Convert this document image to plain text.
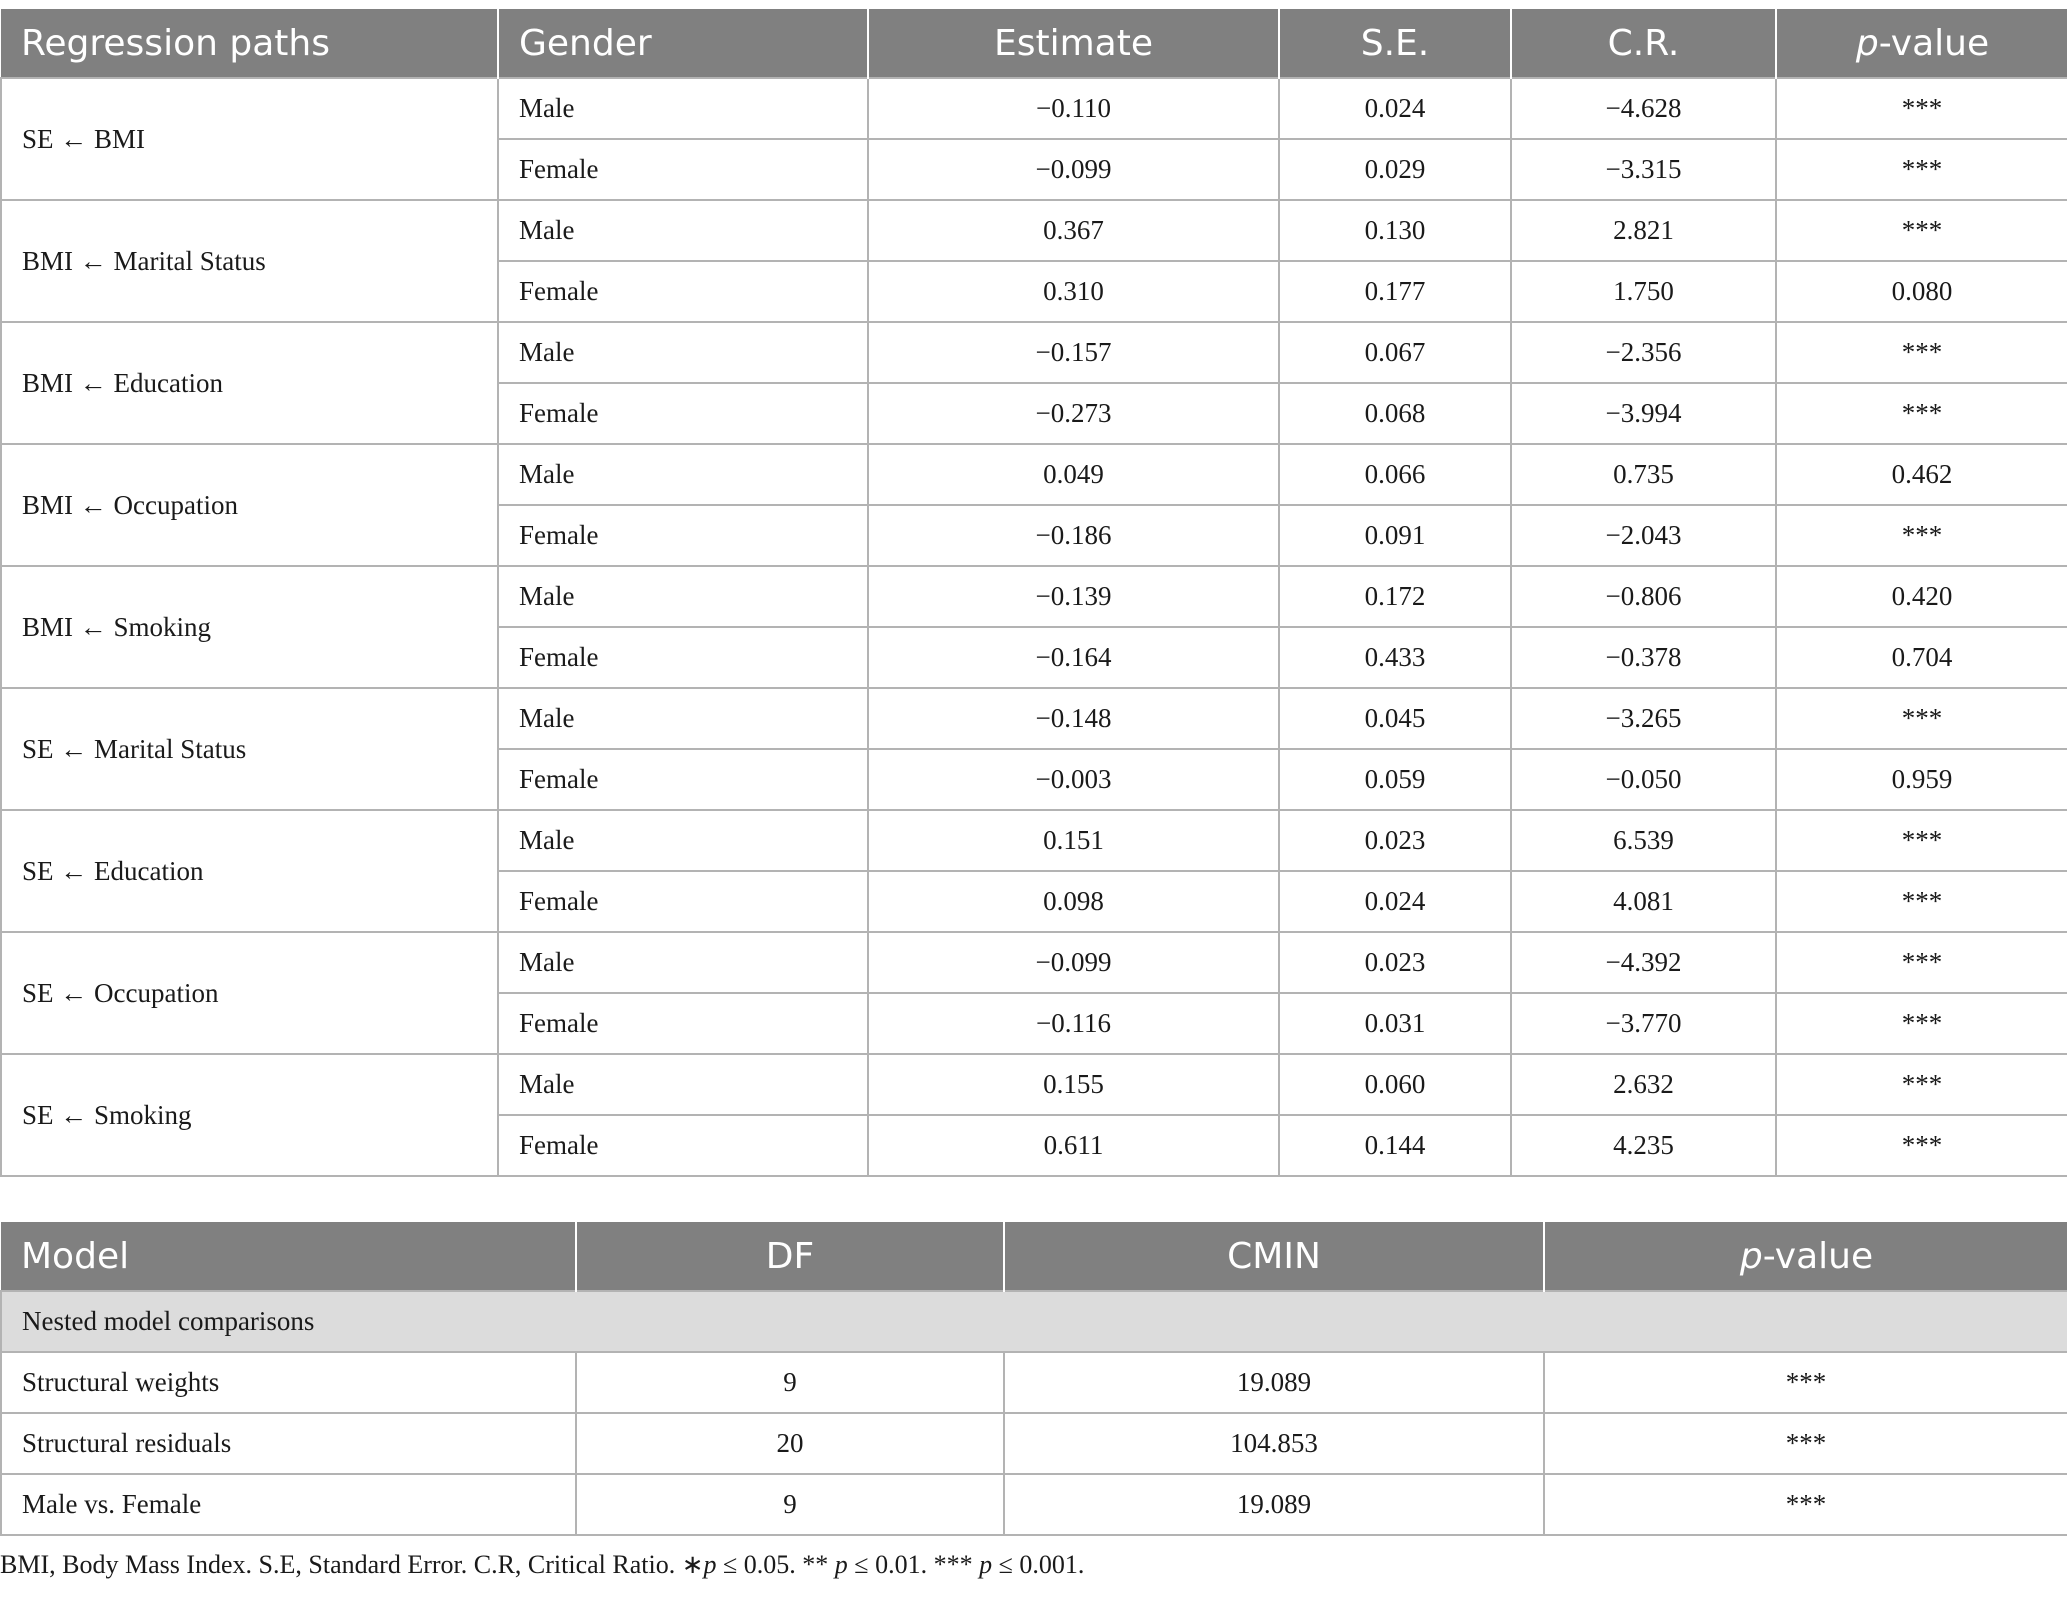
Regression paths	Gender	Estimate	S.E.	C.R.	p-value
SE ← BMI	Male	−0.110	0.024	−4.628	***
	Female	−0.099	0.029	−3.315	***
BMI ← Marital Status	Male	0.367	0.130	2.821	***
	Female	0.310	0.177	1.750	0.080
BMI ← Education	Male	−0.157	0.067	−2.356	***
	Female	−0.273	0.068	−3.994	***
BMI ← Occupation	Male	0.049	0.066	0.735	0.462
	Female	−0.186	0.091	−2.043	***
BMI ← Smoking	Male	−0.139	0.172	−0.806	0.420
	Female	−0.164	0.433	−0.378	0.704
SE ← Marital Status	Male	−0.148	0.045	−3.265	***
	Female	−0.003	0.059	−0.050	0.959
SE ← Education	Male	0.151	0.023	6.539	***
	Female	0.098	0.024	4.081	***
SE ← Occupation	Male	−0.099	0.023	−4.392	***
	Female	−0.116	0.031	−3.770	***
SE ← Smoking	Male	0.155	0.060	2.632	***
	Female	0.611	0.144	4.235	***
Model	DF	CMIN	p-value
Nested model comparisons			
Structural weights	9	19.089	***
Structural residuals	20	104.853	***
Male vs. Female	9	19.089	***
BMI, Body Mass Index. S.E, Standard Error. C.R, Critical Ratio. ∗p ≤ 0.05. ** p ≤ 0.01. *** p ≤ 0.001.
